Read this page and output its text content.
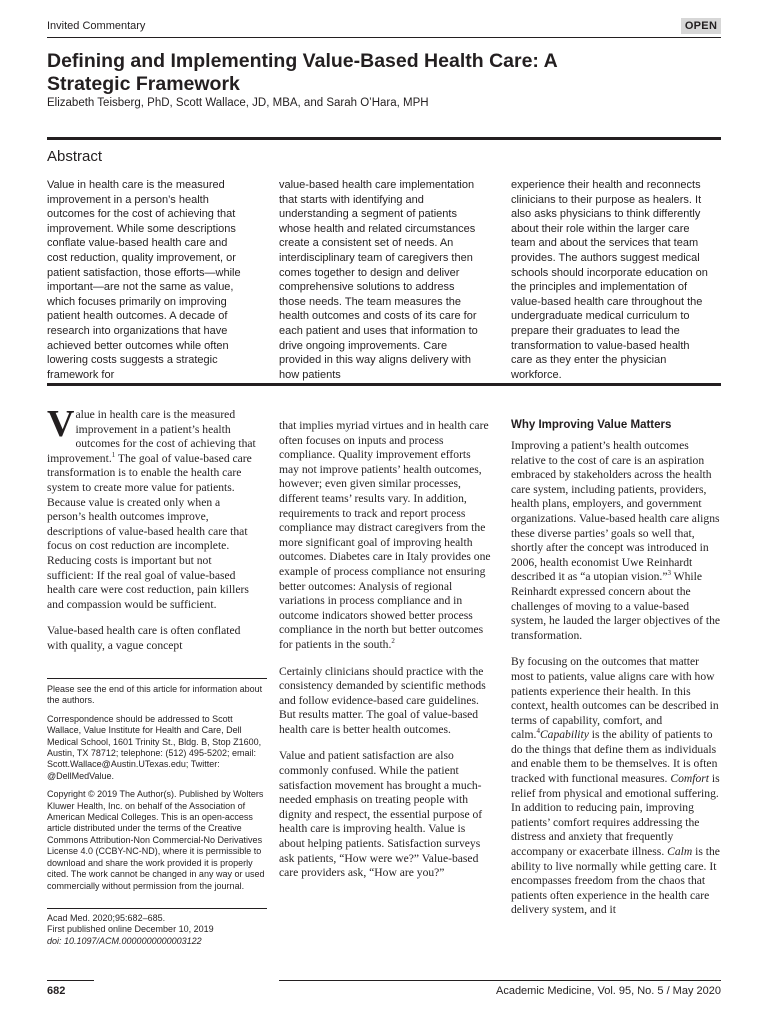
Invited Commentary	OPEN
Defining and Implementing Value-Based Health Care: A Strategic Framework
Elizabeth Teisberg, PhD, Scott Wallace, JD, MBA, and Sarah O’Hara, MPH
Abstract

Value in health care is the measured improvement in a person’s health outcomes for the cost of achieving that improvement. While some descriptions conflate value-based health care and cost reduction, quality improvement, or patient satisfaction, those efforts—while important—are not the same as value, which focuses primarily on improving patient health outcomes. A decade of research into organizations that have achieved better outcomes while often lowering costs suggests a strategic framework for

value-based health care implementation that starts with identifying and understanding a segment of patients whose health and related circumstances create a consistent set of needs. An interdisciplinary team of caregivers then comes together to design and deliver comprehensive solutions to address those needs. The team measures the health outcomes and costs of its care for each patient and uses that information to drive ongoing improvements. Care provided in this way aligns delivery with how patients

experience their health and reconnects clinicians to their purpose as healers. It also asks physicians to think differently about their role within the larger care team and about the services that team provides. The authors suggest medical schools should incorporate education on the principles and implementation of value-based health care throughout the undergraduate medical curriculum to prepare their graduates to lead the transformation to value-based health care as they enter the physician workforce.

Value in health care is the measured improvement in a patient’s health outcomes for the cost of achieving that improvement.$^1$ The goal of value-based care transformation is to enable the health care system to create more value for patients. Because value is created only when a person’s health outcomes improve, descriptions of value-based health care that focus on cost reduction are incomplete. Reducing costs is important but not sufficient: If the real goal of value-based health care were cost reduction, pain killers and compassion would be sufficient.

Value-based health care is often conflated with quality, a vague concept

Please see the end of this article for information about the authors.

Correspondence should be addressed to Scott Wallace, Value Institute for Health and Care, Dell Medical School, 1601 Trinity St., Bldg. B, Stop Z1600, Austin, TX 78712; telephone: (512) 495-5202; email: Scott.Wallace@Austin.UTexas.edu; Twitter: @DellMedValue.

Copyright © 2019 The Author(s). Published by Wolters Kluwer Health, Inc. on behalf of the Association of American Medical Colleges. This is an open-access article distributed under the terms of the Creative Commons Attribution-Non Commercial-No Derivatives License 4.0 (CCBY-NC-ND), where it is permissible to download and share the work provided it is properly cited. The work cannot be changed in any way or used commercially without permission from the journal.

Acad Med. 2020;95:682–685.
First published online December 10, 2019
doi: 10.1097/ACM.0000000000003122

that implies myriad virtues and in health care often focuses on inputs and process compliance. Quality improvement efforts may not improve patients’ health outcomes, however; even given similar processes, different teams’ results vary. In addition, requirements to track and report process compliance may distract caregivers from the more significant goal of improving health outcomes. Diabetes care in Italy provides one example of process compliance not ensuring better outcomes: Analysis of regional variations in process compliance and in outcome indicators showed better process compliance in the north but better outcomes for patients in the south.$^2$

Certainly clinicians should practice with the consistency demanded by scientific methods and follow evidence-based care guidelines. But results matter. The goal of value-based health care is better health outcomes.

Value and patient satisfaction are also commonly confused. While the patient satisfaction movement has brought a much-needed emphasis on treating people with dignity and respect, the essential purpose of health care is improving health. Value is about helping patients. Satisfaction surveys ask patients, “How were we?” Value-based care providers ask, “How are you?”

Why Improving Value Matters

Improving a patient’s health outcomes relative to the cost of care is an aspiration embraced by stakeholders across the health care system, including patients, providers, health plans, employers, and government organizations. Value-based health care aligns these diverse parties’ goals so well that, shortly after the concept was introduced in 2006, health economist Uwe Reinhardt described it as “a utopian vision.”$^3$ While Reinhardt expressed concern about the challenges of moving to a value-based system, he lauded the larger objectives of the transformation.

By focusing on the outcomes that matter most to patients, value aligns care with how patients experience their health. In this context, health outcomes can be described in terms of capability, comfort, and calm.$^4$Capability is the ability of patients to do the things that define them as individuals and enable them to be themselves. It is often tracked with functional measures. Comfort is relief from physical and emotional suffering. In addition to reducing pain, improving patients’ comfort requires addressing the distress and anxiety that frequently accompany or exacerbate illness. Calm is the ability to live normally while getting care. It encompasses freedom from the chaos that patients often experience in the health care delivery system, and it

682	Academic Medicine, Vol. 95, No. 5 / May 2020
